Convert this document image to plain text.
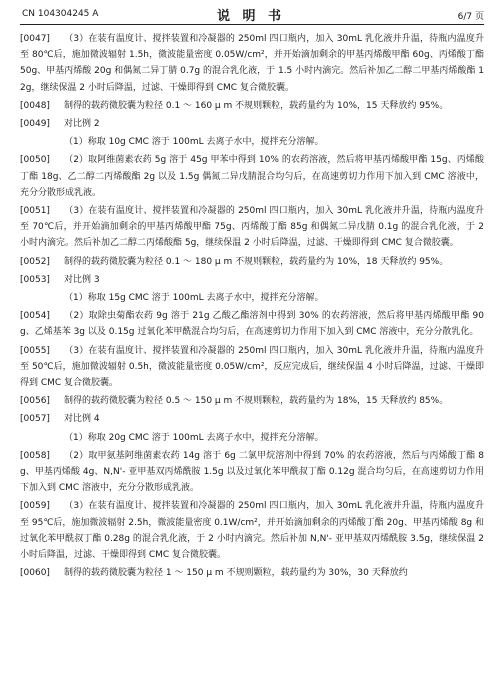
CN 104304245 A	说 明 书	6/7 页

[0047] （3）在装有温度计、搅拌装置和冷凝器的 250ml 四口瓶内，加入 30mL 乳化液并升温，待瓶内温度升至 80℃后，施加微波辐射 1.5h，微波能量密度 0.05W/cm²，并开始滴加剩余的甲基丙烯酸甲酯 60g、丙烯酸丁酯 50g、甲基丙烯酸 20g 和偶氮二异丁腈 0.7g 的混合乳化液，于 1.5 小时内滴完。然后补加乙二醇二甲基丙烯酸酯 12g，继续保温 2 小时后降温，过滤、干燥即得到 CMC 复合微胶囊。

[0048] 制得的载药微胶囊为粒径 0.1 ～ 160 μ m 不规则颗粒，载药量约为 10%，15 天释放约 95%。

[0049] 对比例 2

（1）称取 10g CMC 溶于 100mL 去离子水中，搅拌充分溶解。

[0050] （2）取阿维菌素农药 5g 溶于 45g 甲苯中得到 10% 的农药溶液，然后将甲基丙烯酸甲酯 15g、丙烯酸丁酯 18g、乙二醇二丙烯酸酯 2g 以及 1.5g 偶氮二异戊腈混合均匀后，在高速剪切力作用下加入到 CMC 溶液中，充分分散形成乳液。

[0051] （3）在装有温度计、搅拌装置和冷凝器的 250ml 四口瓶内，加入 30mL 乳化液并升温，待瓶内温度升至 70℃后，并开始滴加剩余的甲基丙烯酸甲酯 75g、丙烯酸丁酯 85g 和偶氮二异戊腈 0.1g 的混合乳化液，于 2 小时内滴完。然后补加乙二醇二丙烯酸酯 5g，继续保温 2 小时后降温，过滤、干燥即得到 CMC 复合微胶囊。

[0052] 制得的载药微胶囊为粒径 0.1 ～ 180 μ m 不规则颗粒，载药量约为 10%，18 天释放约 95%。

[0053] 对比例 3

（1）称取 15g CMC 溶于 100mL 去离子水中，搅拌充分溶解。

[0054] （2）取除虫菊酯农药 9g 溶于 21g 乙酸乙酯溶剂中得到 30% 的农药溶液，然后将甲基丙烯酸甲酯 90g、乙烯基苯 3g 以及 0.15g 过氧化苯甲酰混合均匀后，在高速剪切力作用下加入到 CMC 溶液中，充分分散乳化。

[0055] （3）在装有温度计、搅拌装置和冷凝器的 250ml 四口瓶内，加入 30mL 乳化液并升温，待瓶内温度升至 50℃后，施加微波辐射 0.5h，微波能量密度 0.05W/cm²，反应完成后，继续保温 4 小时后降温，过滤、干燥即得到 CMC 复合微胶囊。

[0056] 制得的载药微胶囊为粒径 0.5 ～ 150 μ m 不规则颗粒，载药量约为 18%，15 天释放约 85%。

[0057] 对比例 4

（1）称取 20g CMC 溶于 100mL 去离子水中，搅拌充分溶解。

[0058] （2）取甲氨基阿维菌素农药 14g 溶于 6g 二氯甲烷溶剂中得到 70% 的农药溶液，然后与丙烯酸丁酯 8g、甲基丙烯酸 4g、N,N'- 亚甲基双丙烯酰胺 1.5g 以及过氧化苯甲酰叔丁酯 0.12g 混合均匀后，在高速剪切力作用下加入到 CMC 溶液中，充分分散形成乳液。

[0059] （3）在装有温度计、搅拌装置和冷凝器的 250ml 四口瓶内，加入 30mL 乳化液并升温，待瓶内温度升至 95℃后，施加微波辐射 2.5h，微波能量密度 0.1W/cm²，并开始滴加剩余的丙烯酸丁酯 20g、甲基丙烯酸 8g 和过氧化苯甲酰叔丁酯 0.28g 的混合乳化液，于 2 小时内滴完。然后补加 N,N'- 亚甲基双丙烯酰胺 3.5g，继续保温 2 小时后降温，过滤、干燥即得到 CMC 复合微胶囊。

[0060] 制得的载药微胶囊为粒径 1 ～ 150 μ m 不规则颗粒，载药量约为 30%，30 天释放约
